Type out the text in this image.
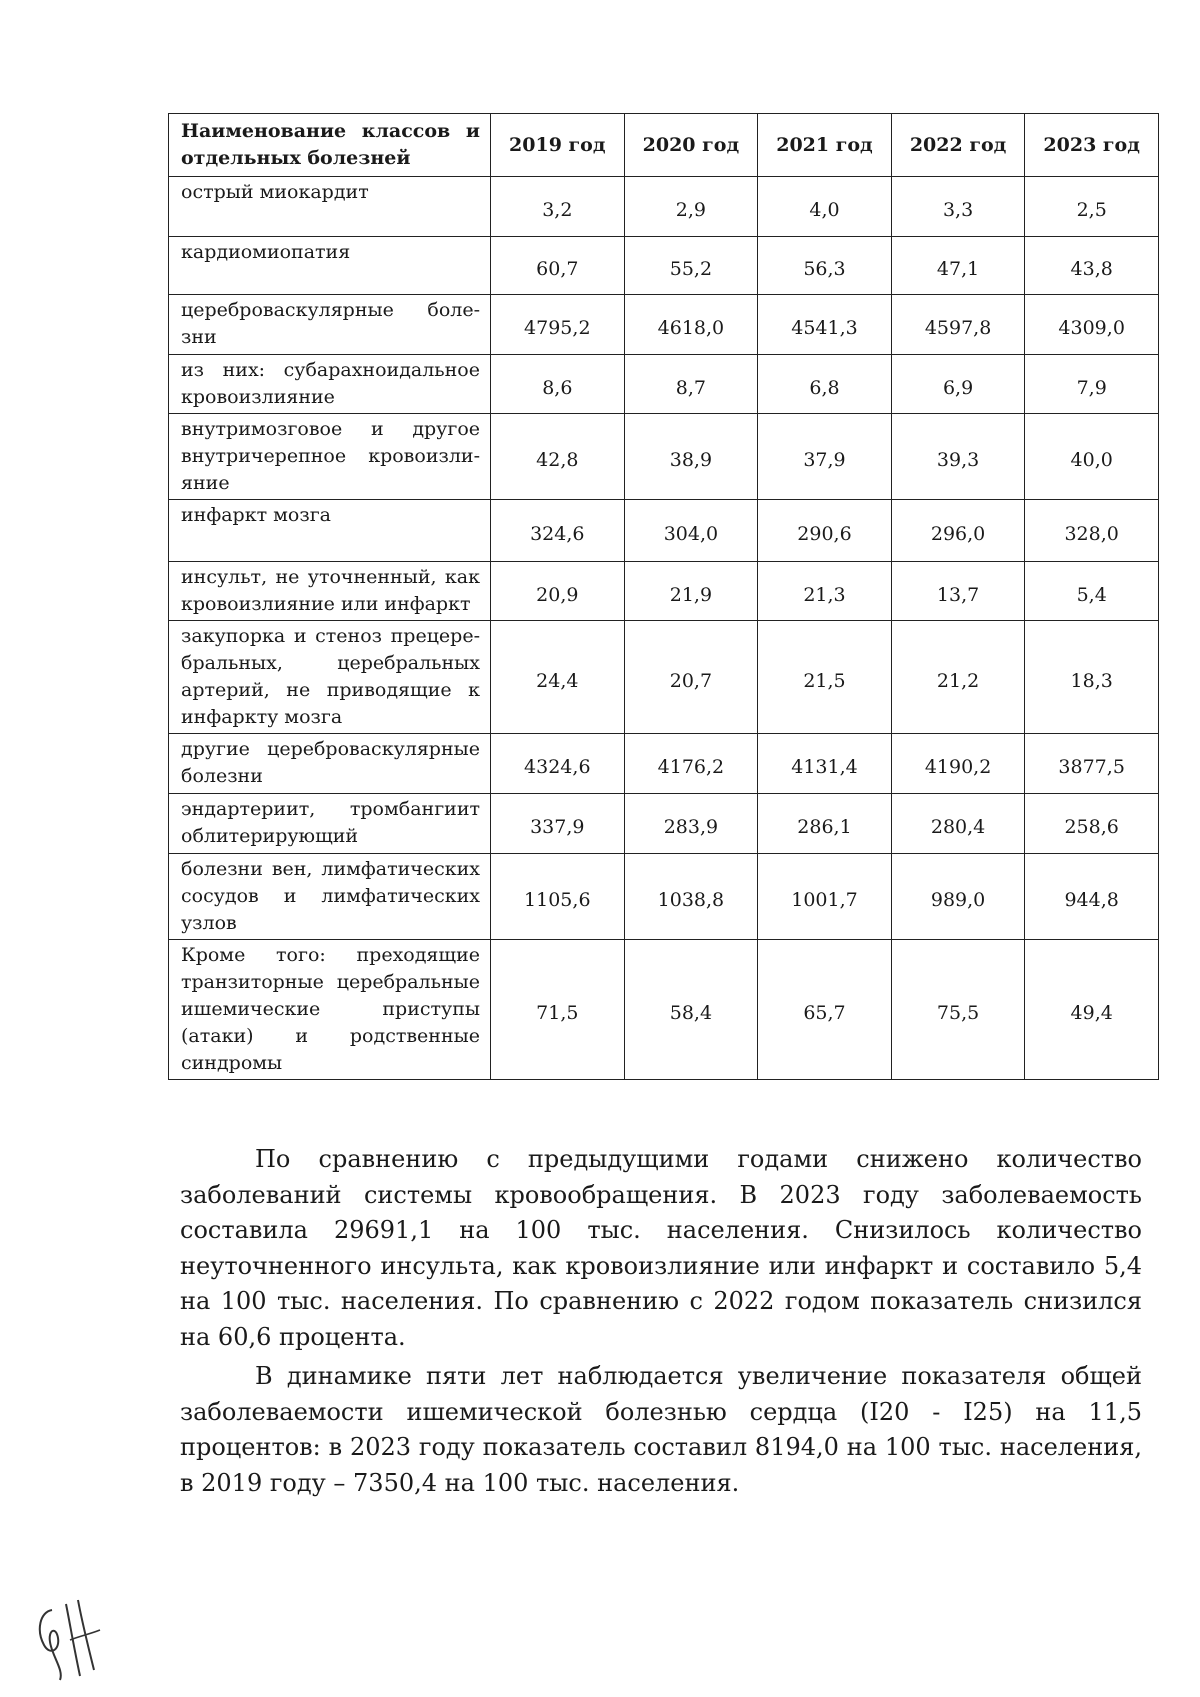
Наименование классов и отдельных болезней	2019 год	2020 год	2021 год	2022 год	2023 год
острый миокардит	3,2	2,9	4,0	3,3	2,5
кардиомиопатия	60,7	55,2	56,3	47,1	43,8
цереброваскулярные болезни	4795,2	4618,0	4541,3	4597,8	4309,0
из них: субарахноидальное кровоизлияние	8,6	8,7	6,8	6,9	7,9
внутримозговое и другое внутричерепное кровоизлияние	42,8	38,9	37,9	39,3	40,0
инфаркт мозга	324,6	304,0	290,6	296,0	328,0
инсульт, не уточненный, как кровоизлияние или инфаркт	20,9	21,9	21,3	13,7	5,4
закупорка и стеноз прецеребральных, церебральных артерий, не приводящие к инфаркту мозга	24,4	20,7	21,5	21,2	18,3
другие цереброваскулярные болезни	4324,6	4176,2	4131,4	4190,2	3877,5
эндартериит, тромбангиит облитерирующий	337,9	283,9	286,1	280,4	258,6
болезни вен, лимфатических сосудов и лимфатических узлов	1105,6	1038,8	1001,7	989,0	944,8
Кроме того: преходящие транзиторные церебральные ишемические приступы (атаки) и родственные синдромы	71,5	58,4	65,7	75,5	49,4

По сравнению с предыдущими годами снижено количество заболеваний системы кровообращения. В 2023 году заболеваемость составила 29691,1 на 100 тыс. населения. Снизилось количество неуточненного инсульта, как кровоизлияние или инфаркт и составило 5,4 на 100 тыс. населения. По сравнению с 2022 годом показатель снизился на 60,6 процента.

В динамике пяти лет наблюдается увеличение показателя общей заболеваемости ишемической болезнью сердца (I20 - I25) на 11,5 процентов: в 2023 году показатель составил 8194,0 на 100 тыс. населения, в 2019 году – 7350,4 на 100 тыс. населения.
